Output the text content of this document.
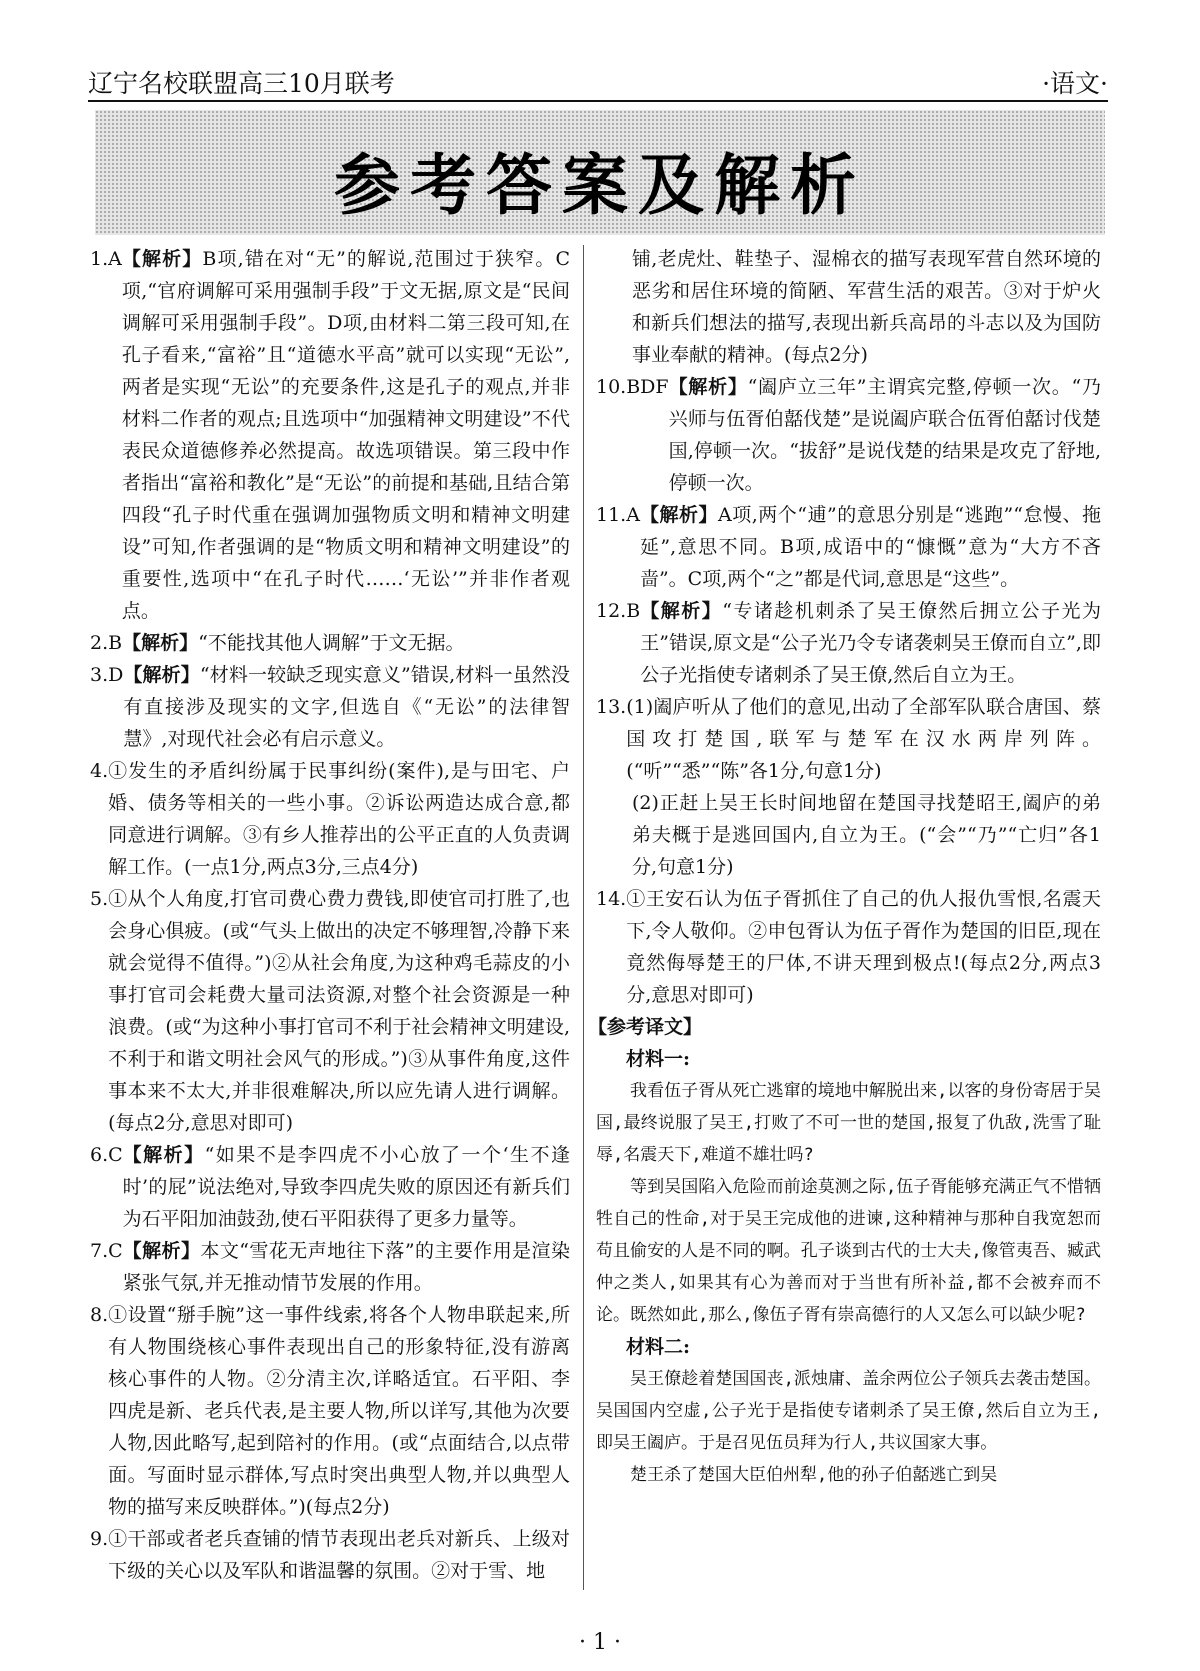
辽宁名校联盟高三10月联考	·语文·
参考答案及解析
1.A 【解析】B项,错在对“无”的解说,范围过于狭窄。C项,“官府调解可采用强制手段”于文无据,原文是“民间调解可采用强制手段”。D项,由材料二第三段可知,在孔子看来,“富裕”且“道德水平高”就可以实现“无讼”,两者是实现“无讼”的充要条件,这是孔子的观点,并非材料二作者的观点;且选项中“加强精神文明建设”不代表民众道德修养必然提高。故选项错误。第三段中作者指出“富裕和教化”是“无讼”的前提和基础,且结合第四段“孔子时代重在强调加强物质文明和精神文明建设”可知,作者强调的是“物质文明和精神文明建设”的重要性,选项中“在孔子时代……‘无讼’”并非作者观点。
2.B 【解析】“不能找其他人调解”于文无据。
3.D 【解析】“材料一较缺乏现实意义”错误,材料一虽然没有直接涉及现实的文字,但选自《“无讼”的法律智慧》,对现代社会必有启示意义。
4. ①发生的矛盾纠纷属于民事纠纷(案件),是与田宅、户婚、债务等相关的一些小事。②诉讼两造达成合意,都同意进行调解。③有乡人推荐出的公平正直的人负责调解工作。(一点1分,两点3分,三点4分)
5. ①从个人角度,打官司费心费力费钱,即使官司打胜了,也会身心俱疲。(或“气头上做出的决定不够理智,冷静下来就会觉得不值得。”)②从社会角度,为这种鸡毛蒜皮的小事打官司会耗费大量司法资源,对整个社会资源是一种浪费。(或“为这种小事打官司不利于社会精神文明建设,不利于和谐文明社会风气的形成。”)③从事件角度,这件事本来不太大,并非很难解决,所以应先请人进行调解。(每点2分,意思对即可)
6.C 【解析】“如果不是李四虎不小心放了一个‘生不逢时’的屁”说法绝对,导致李四虎失败的原因还有新兵们为石平阳加油鼓劲,使石平阳获得了更多力量等。
7.C 【解析】本文“雪花无声地往下落”的主要作用是渲染紧张气氛,并无推动情节发展的作用。
8. ①设置“掰手腕”这一事件线索,将各个人物串联起来,所有人物围绕核心事件表现出自己的形象特征,没有游离核心事件的人物。②分清主次,详略适宜。石平阳、李四虎是新、老兵代表,是主要人物,所以详写,其他为次要人物,因此略写,起到陪衬的作用。(或“点面结合,以点带面。写面时显示群体,写点时突出典型人物,并以典型人物的描写来反映群体。”)(每点2分)
9. ①干部或者老兵查铺的情节表现出老兵对新兵、上级对下级的关心以及军队和谐温馨的氛围。②对于雪、地
铺,老虎灶、鞋垫子、湿棉衣的描写表现军营自然环境的恶劣和居住环境的简陋、军营生活的艰苦。③对于炉火和新兵们想法的描写,表现出新兵高昂的斗志以及为国防事业奉献的精神。(每点2分)
10.BDF 【解析】“阖庐立三年”主谓宾完整,停顿一次。“乃兴师与伍胥伯嚭伐楚”是说阖庐联合伍胥伯嚭讨伐楚国,停顿一次。“拔舒”是说伐楚的结果是攻克了舒地,停顿一次。
11.A 【解析】A项,两个“逋”的意思分别是“逃跑”“怠慢、拖延”,意思不同。B项,成语中的“慷慨”意为“大方不吝啬”。C项,两个“之”都是代词,意思是“这些”。
12.B 【解析】“专诸趁机刺杀了吴王僚然后拥立公子光为王”错误,原文是“公子光乃令专诸袭刺吴王僚而自立”,即公子光指使专诸刺杀了吴王僚,然后自立为王。
13. (1)阖庐听从了他们的意见,出动了全部军队联合唐国、蔡国攻打楚国,联军与楚军在汉水两岸列阵。(“听”“悉”“陈”各1分,句意1分)
(2)正赶上吴王长时间地留在楚国寻找楚昭王,阖庐的弟弟夫概于是逃回国内,自立为王。(“会”“乃”“亡归”各1分,句意1分)
14. ①王安石认为伍子胥抓住了自己的仇人报仇雪恨,名震天下,令人敬仰。②申包胥认为伍子胥作为楚国的旧臣,现在竟然侮辱楚王的尸体,不讲天理到极点!(每点2分,两点3分,意思对即可)
【参考译文】
材料一:
我看伍子胥从死亡逃窜的境地中解脱出来,以客的身份寄居于吴国,最终说服了吴王,打败了不可一世的楚国,报复了仇敌,洗雪了耻辱,名震天下,难道不雄壮吗?
等到吴国陷入危险而前途莫测之际,伍子胥能够充满正气不惜牺牲自己的性命,对于吴王完成他的进谏,这种精神与那种自我宽恕而苟且偷安的人是不同的啊。孔子谈到古代的士大夫,像管夷吾、臧武仲之类人,如果其有心为善而对于当世有所补益,都不会被弃而不论。既然如此,那么,像伍子胥有崇高德行的人又怎么可以缺少呢?
材料二:
吴王僚趁着楚国国丧,派烛庸、盖余两位公子领兵去袭击楚国。吴国国内空虚,公子光于是指使专诸刺杀了吴王僚,然后自立为王,即吴王阖庐。于是召见伍员拜为行人,共议国家大事。
楚王杀了楚国大臣伯州犁,他的孙子伯嚭逃亡到吴
· 1 ·
